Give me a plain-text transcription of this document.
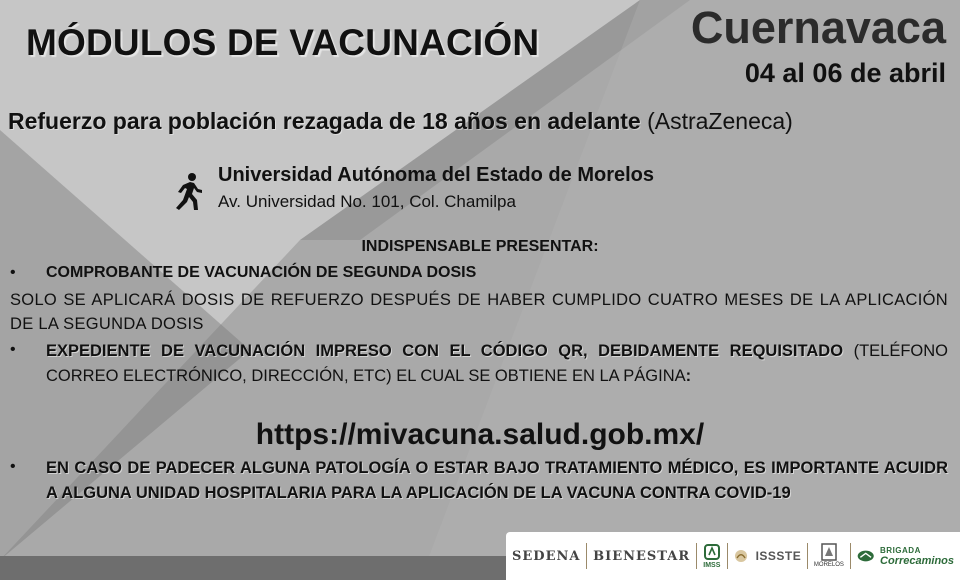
MÓDULOS DE VACUNACIÓN	Cuernavaca
04 al 06 de abril
Refuerzo para población rezagada de 18 años en adelante (AstraZeneca)
Universidad Autónoma del Estado de Morelos
Av. Universidad No. 101, Col. Chamilpa
INDISPENSABLE PRESENTAR:
• COMPROBANTE DE VACUNACIÓN DE SEGUNDA DOSIS
SOLO SE APLICARÁ DOSIS DE REFUERZO DESPUÉS DE HABER CUMPLIDO CUATRO MESES DE LA APLICACIÓN DE LA SEGUNDA DOSIS
• EXPEDIENTE DE VACUNACIÓN IMPRESO CON EL CÓDIGO QR, DEBIDAMENTE REQUISITADO (TELÉFONO CORREO ELECTRÓNICO, DIRECCIÓN, ETC) EL CUAL SE OBTIENE EN LA PÁGINA:
https://mivacuna.salud.gob.mx/
• EN CASO DE PADECER ALGUNA PATOLOGÍA O ESTAR BAJO TRATAMIENTO MÉDICO, ES IMPORTANTE ACUIDR A ALGUNA UNIDAD HOSPITALARIA PARA LA APLICACIÓN DE LA VACUNA CONTRA COVID-19
SEDENA BIENESTAR
IMSS
ISSSTE
MORELOS
BRIGADA
Correcaminos
